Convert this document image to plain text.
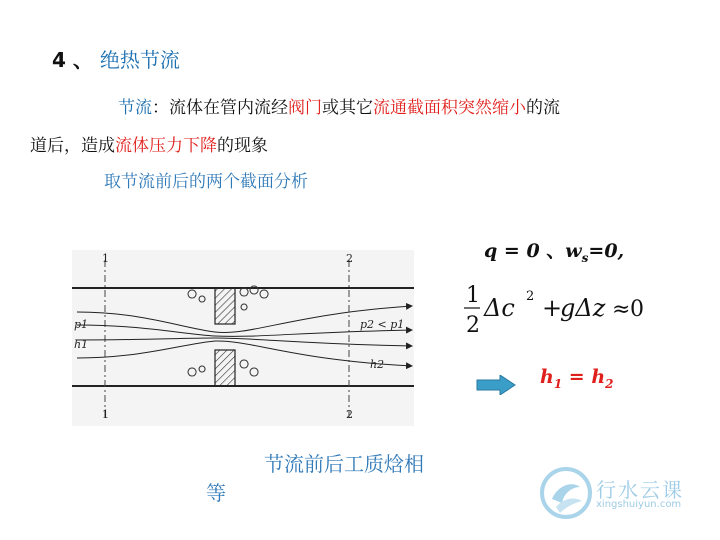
4 、 绝热节流
节流：流体在管内流经阀门或其它流通截面积突然缩小的流
道后，造成流体压力下降的现象
取节流前后的两个截面分析
1
1
2
2
p1
h1
p2 < p1
h2
q = 0 、$w_s=0$,
1
2
Δc 2 +
gΔz ≈ 0
$h_1 = h_2$
节流前后工质焓相
等	行水云课
xingshuiyun.com
